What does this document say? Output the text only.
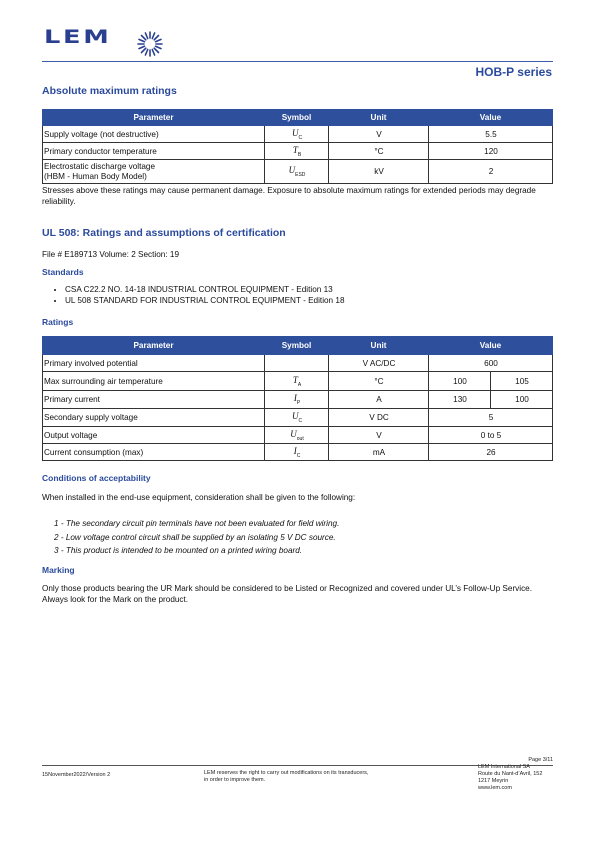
LEM
HOB-P series
Absolute maximum ratings
Parameter	Symbol	Unit	Value
Supply voltage (not destructive)	$U_C$	V	5.5
Primary conductor temperature	$T_B$	°C	120
Electrostatic discharge voltage
(HBM - Human Body Model)	$U_{ESD}$	kV	2
Stresses above these ratings may cause permanent damage. Exposure to absolute maximum ratings for extended periods may degrade reliability.
UL 508: Ratings and assumptions of certification
File # E189713 Volume: 2 Section: 19
Standards
• CSA C22.2 NO. 14-18 INDUSTRIAL CONTROL EQUIPMENT - Edition 13
• UL 508 STANDARD FOR INDUSTRIAL CONTROL EQUIPMENT - Edition 18
Ratings
Parameter	Symbol	Unit	Value	
Primary involved potential		V AC/DC	600	
Max surrounding air temperature	$T_A$	°C	100	105
Primary current	$I_P$	A	130	100
Secondary supply voltage	$U_C$	V DC	5	
Output voltage	$U_{out}$	V	0 to 5	
Current consumption (max)	$I_C$	mA	26	
Conditions of acceptability
When installed in the end-use equipment, consideration shall be given to the following:
1 - The secondary circuit pin terminals have not been evaluated for field wiring.
2 - Low voltage control circuit shall be supplied by an isolating 5 V DC source.
3 - This product is intended to be mounted on a printed wiring board.
Marking
Only those products bearing the UR Mark should be considered to be Listed or Recognized and covered under UL’s Follow-Up Service. Always look for the Mark on the product.
Page 3/11
15November2022/Version 2	LEM reserves the right to carry out modifications on its transducers,
in order to improve them.
LEM International SA
Route du Nant-d’Avril, 152
1217 Meyrin
www.lem.com
